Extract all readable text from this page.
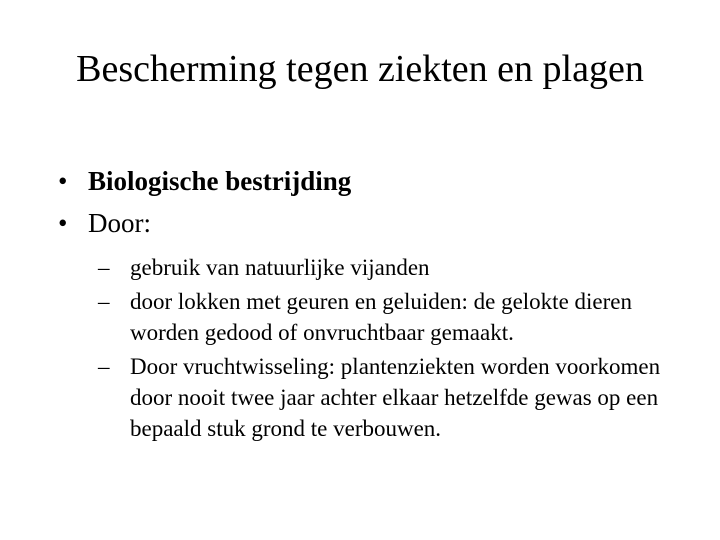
Bescherming tegen ziekten en plagen
• Biologische bestrijding
• Door:
– gebruik van natuurlijke vijanden
– door lokken met geuren en geluiden: de gelokte dieren worden gedood of onvruchtbaar gemaakt.
– Door vruchtwisseling: plantenziekten worden voorkomen door nooit twee jaar achter elkaar hetzelfde gewas op een bepaald stuk grond te verbouwen.
